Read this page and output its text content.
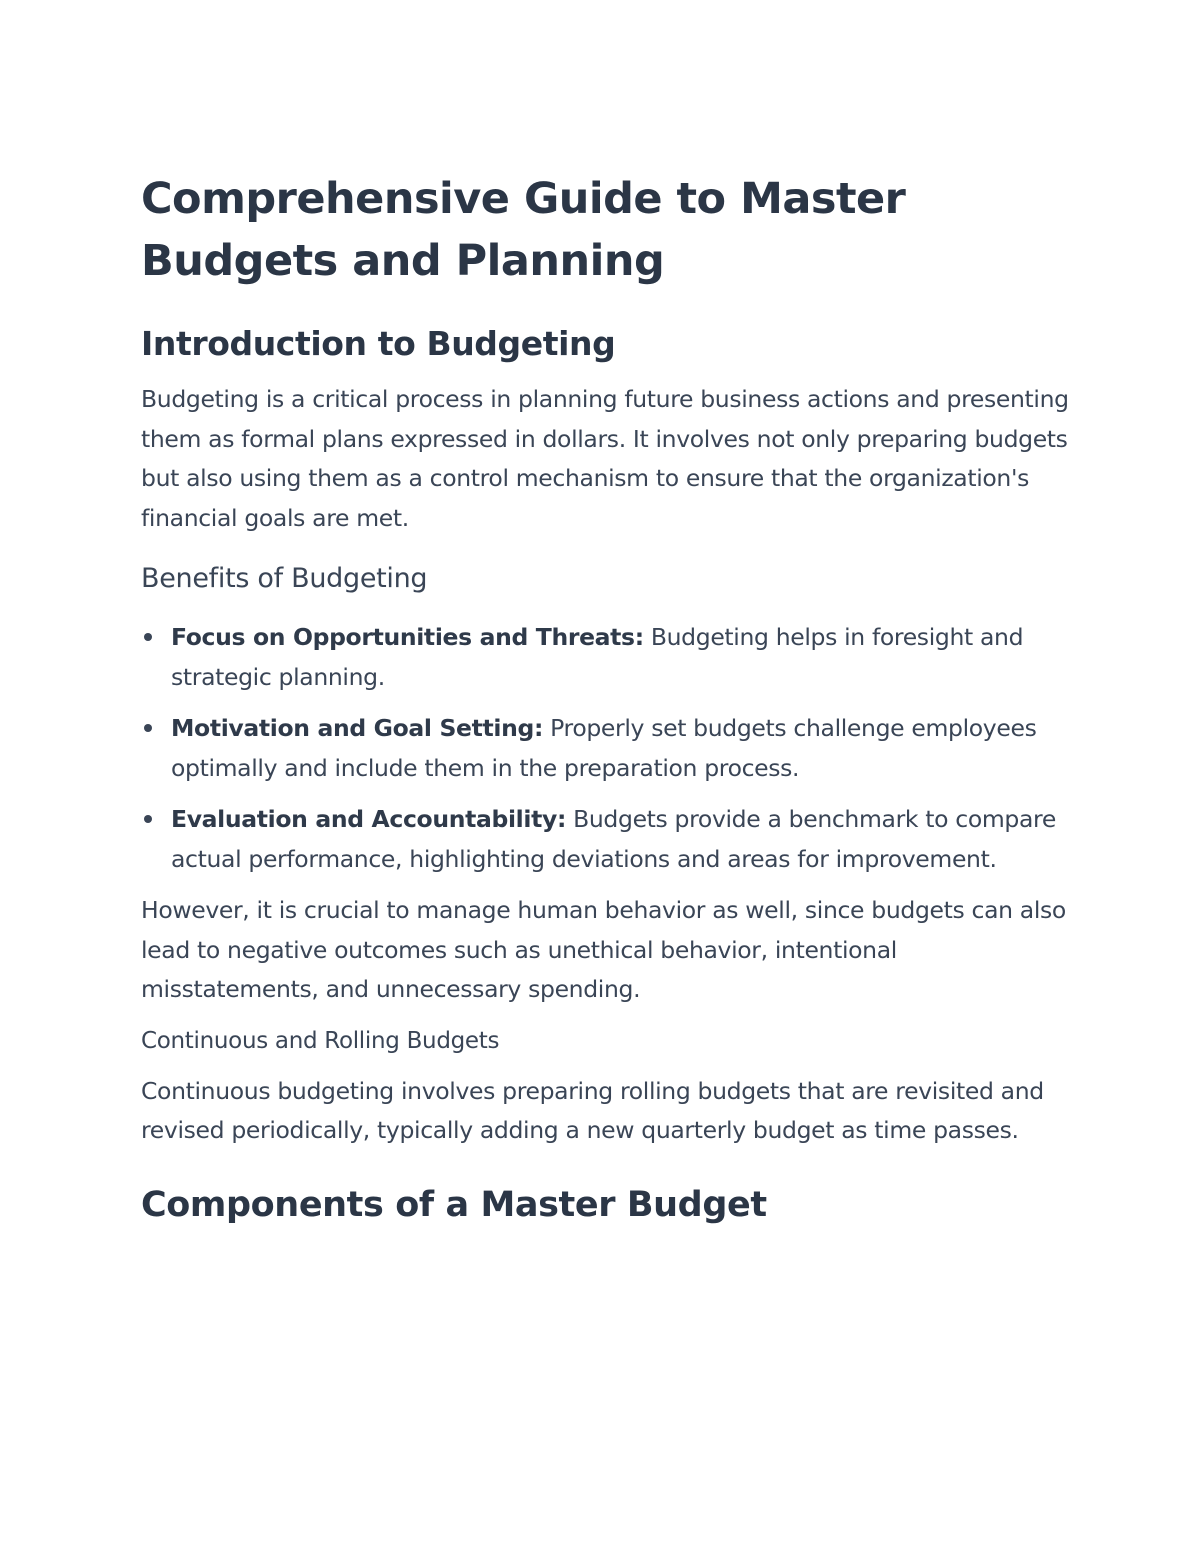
Comprehensive Guide to Master Budgets and Planning
Introduction to Budgeting

Budgeting is a critical process in planning future business actions and presenting them as formal plans expressed in dollars. It involves not only preparing budgets but also using them as a control mechanism to ensure that the organization's financial goals are met.

Benefits of Budgeting
Focus on Opportunities and Threats: Budgeting helps in foresight and strategic planning.
Motivation and Goal Setting: Properly set budgets challenge employees optimally and include them in the preparation process.
Evaluation and Accountability: Budgets provide a benchmark to compare actual performance, highlighting deviations and areas for improvement.

However, it is crucial to manage human behavior as well, since budgets can also lead to negative outcomes such as unethical behavior, intentional misstatements, and unnecessary spending.

Continuous and Rolling Budgets

Continuous budgeting involves preparing rolling budgets that are revisited and revised periodically, typically adding a new quarterly budget as time passes.

Components of a Master Budget
